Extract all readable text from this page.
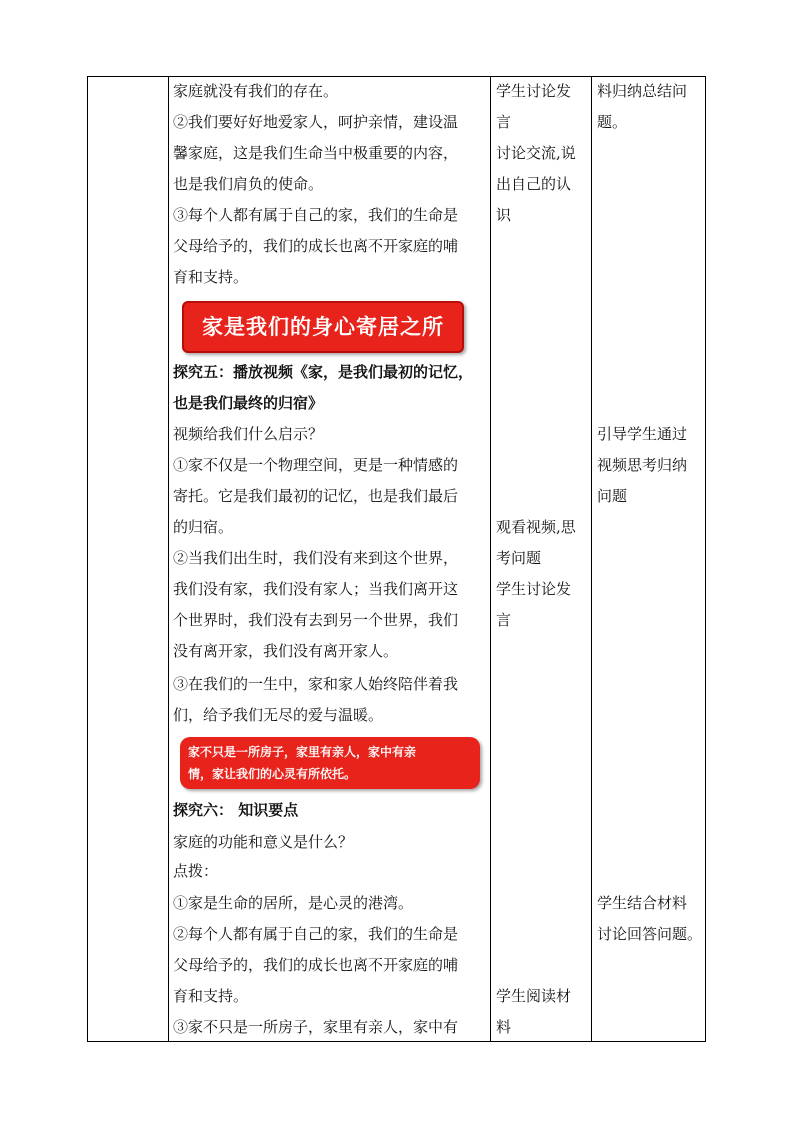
家庭就没有我们的存在。
②我们要好好地爱家人，呵护亲情，建设温
馨家庭，这是我们生命当中极重要的内容，
也是我们肩负的使命。
③每个人都有属于自己的家，我们的生命是
父母给予的，我们的成长也离不开家庭的哺
育和支持。
家是我们的身心寄居之所
探究五：播放视频《家，是我们最初的记忆，
也是我们最终的归宿》
视频给我们什么启示？
①家不仅是一个物理空间，更是一种情感的
寄托。它是我们最初的记忆，也是我们最后
的归宿。
②当我们出生时，我们没有来到这个世界，
我们没有家，我们没有家人；当我们离开这
个世界时，我们没有去到另一个世界，我们
没有离开家，我们没有离开家人。
③在我们的一生中，家和家人始终陪伴着我
们，给予我们无尽的爱与温暖。
家不只是一所房子，家里有亲人，家中有亲
情，家让我们的心灵有所依托。
探究六： 知识要点
家庭的功能和意义是什么？
点拨：
①家是生命的居所，是心灵的港湾。
②每个人都有属于自己的家，我们的生命是
父母给予的，我们的成长也离不开家庭的哺
育和支持。
③家不只是一所房子，家里有亲人，家中有
学生讨论发
言
讨论交流,说
出自己的认
识
观看视频,思
考问题
学生讨论发
言
学生阅读材
料
料归纳总结问
题。
引导学生通过
视频思考归纳
问题
学生结合材料
讨论回答问题。
